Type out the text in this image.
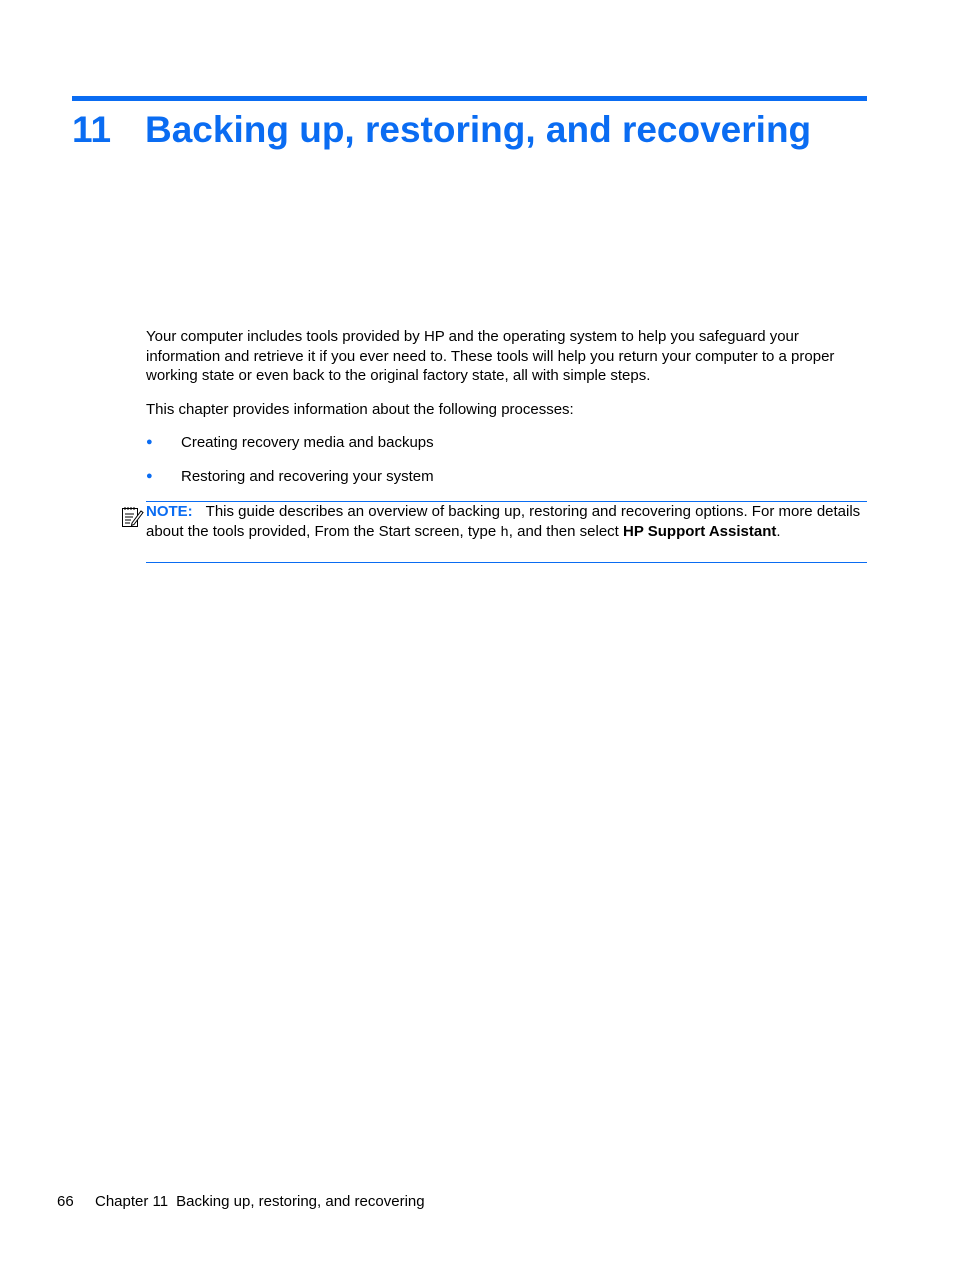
11 Backing up, restoring, and recovering

Your computer includes tools provided by HP and the operating system to help you safeguard your information and retrieve it if you ever need to. These tools will help you return your computer to a proper working state or even back to the original factory state, all with simple steps.

This chapter provides information about the following processes:

●	Creating recovery media and backups
●	Restoring and recovering your system

NOTE: This guide describes an overview of backing up, restoring and recovering options. For more details about the tools provided, From the Start screen, type h, and then select HP Support Assistant.

66 Chapter 11 Backing up, restoring, and recovering
